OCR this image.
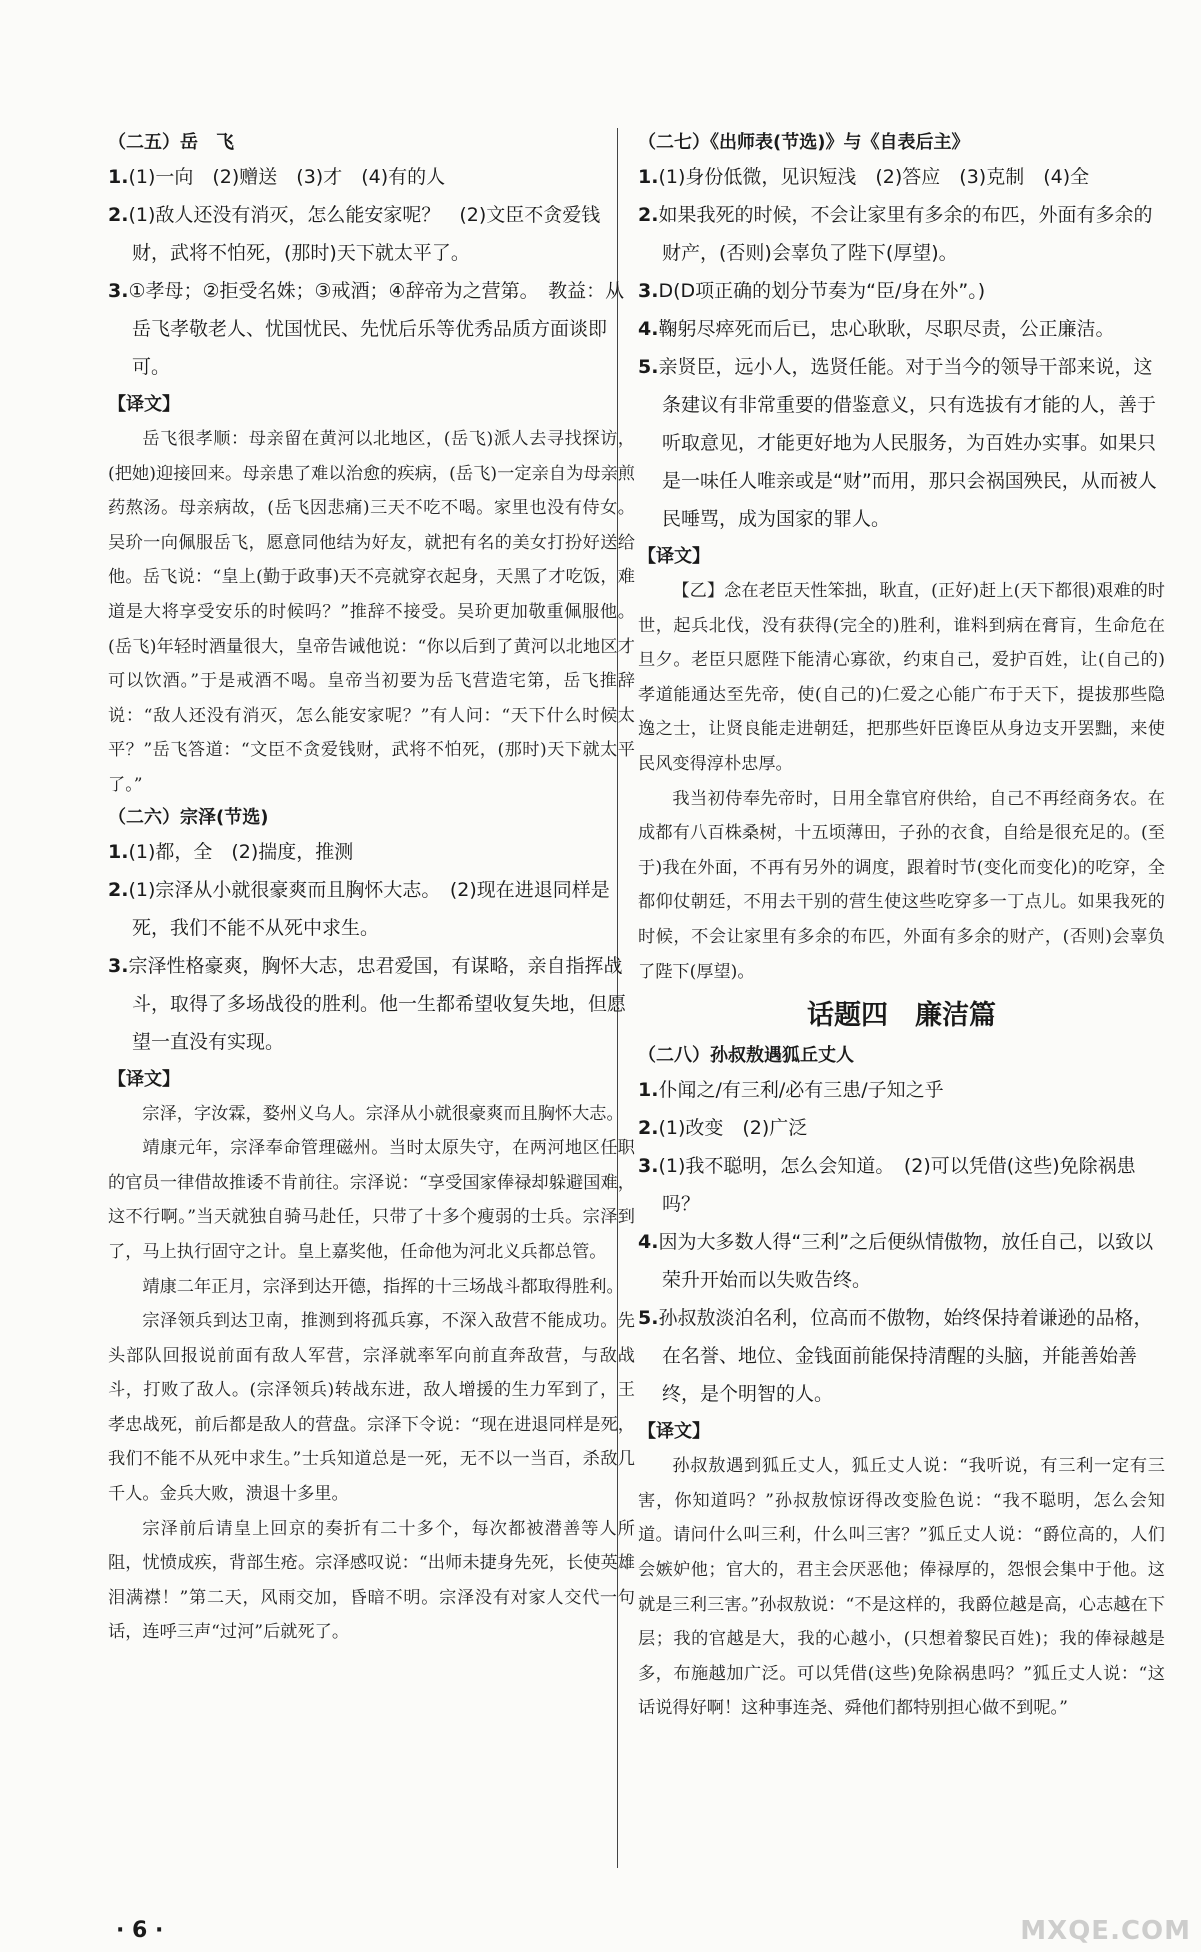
（二五）岳　飞

1.(1)一向　(2)赠送　(3)才　(4)有的人

2.(1)敌人还没有消灭，怎么能安家呢？　(2)文臣不贪爱钱财，武将不怕死，(那时)天下就太平了。

3.①孝母；②拒受名姝；③戒酒；④辞帝为之营第。　教益：从岳飞孝敬老人、忧国忧民、先忧后乐等优秀品质方面谈即可。

【译文】

岳飞很孝顺：母亲留在黄河以北地区，(岳飞)派人去寻找探访，(把她)迎接回来。母亲患了难以治愈的疾病，(岳飞)一定亲自为母亲煎药熬汤。母亲病故，(岳飞因悲痛)三天不吃不喝。家里也没有侍女。吴玠一向佩服岳飞，愿意同他结为好友，就把有名的美女打扮好送给他。岳飞说：“皇上(勤于政事)天不亮就穿衣起身，天黑了才吃饭，难道是大将享受安乐的时候吗？”推辞不接受。吴玠更加敬重佩服他。(岳飞)年轻时酒量很大，皇帝告诫他说：“你以后到了黄河以北地区才可以饮酒。”于是戒酒不喝。皇帝当初要为岳飞营造宅第，岳飞推辞说：“敌人还没有消灭，怎么能安家呢？”有人问：“天下什么时候太平？”岳飞答道：“文臣不贪爱钱财，武将不怕死，(那时)天下就太平了。”

（二六）宗泽(节选)

1.(1)都，全　(2)揣度，推测

2.(1)宗泽从小就很豪爽而且胸怀大志。　(2)现在进退同样是死，我们不能不从死中求生。

3.宗泽性格豪爽，胸怀大志，忠君爱国，有谋略，亲自指挥战斗，取得了多场战役的胜利。他一生都希望收复失地，但愿望一直没有实现。

【译文】

宗泽，字汝霖，婺州义乌人。宗泽从小就很豪爽而且胸怀大志。

靖康元年，宗泽奉命管理磁州。当时太原失守，在两河地区任职的官员一律借故推诿不肯前往。宗泽说：“享受国家俸禄却躲避国难，这不行啊。”当天就独自骑马赴任，只带了十多个瘦弱的士兵。宗泽到了，马上执行固守之计。皇上嘉奖他，任命他为河北义兵都总管。

靖康二年正月，宗泽到达开德，指挥的十三场战斗都取得胜利。

宗泽领兵到达卫南，推测到将孤兵寡，不深入敌营不能成功。先头部队回报说前面有敌人军营，宗泽就率军向前直奔敌营，与敌战斗，打败了敌人。(宗泽领兵)转战东进，敌人增援的生力军到了，王孝忠战死，前后都是敌人的营盘。宗泽下令说：“现在进退同样是死，我们不能不从死中求生。”士兵知道总是一死，无不以一当百，杀敌几千人。金兵大败，溃退十多里。

宗泽前后请皇上回京的奏折有二十多个，每次都被潜善等人所阻，忧愤成疾，背部生疮。宗泽感叹说：“出师未捷身先死，长使英雄泪满襟！”第二天，风雨交加，昏暗不明。宗泽没有对家人交代一句话，连呼三声“过河”后就死了。

（二七）《出师表(节选)》与《自表后主》

1.(1)身份低微，见识短浅　(2)答应　(3)克制　(4)全

2.如果我死的时候，不会让家里有多余的布匹，外面有多余的财产，(否则)会辜负了陛下(厚望)。

3.D(D项正确的划分节奏为“臣/身在外”。)

4.鞠躬尽瘁死而后已，忠心耿耿，尽职尽责，公正廉洁。

5.亲贤臣，远小人，选贤任能。对于当今的领导干部来说，这条建议有非常重要的借鉴意义，只有选拔有才能的人，善于听取意见，才能更好地为人民服务，为百姓办实事。如果只是一味任人唯亲或是“财”而用，那只会祸国殃民，从而被人民唾骂，成为国家的罪人。

【译文】

【乙】念在老臣天性笨拙，耿直，(正好)赶上(天下都很)艰难的时世，起兵北伐，没有获得(完全的)胜利，谁料到病在膏肓，生命危在旦夕。老臣只愿陛下能清心寡欲，约束自己，爱护百姓，让(自己的)孝道能通达至先帝，使(自己的)仁爱之心能广布于天下，提拔那些隐逸之士，让贤良能走进朝廷，把那些奸臣谗臣从身边支开罢黜，来使民风变得淳朴忠厚。

我当初侍奉先帝时，日用全靠官府供给，自己不再经商务农。在成都有八百株桑树，十五顷薄田，子孙的衣食，自给是很充足的。(至于)我在外面，不再有另外的调度，跟着时节(变化而变化)的吃穿，全都仰仗朝廷，不用去干别的营生使这些吃穿多一丁点儿。如果我死的时候，不会让家里有多余的布匹，外面有多余的财产，(否则)会辜负了陛下(厚望)。

话题四　廉洁篇

（二八）孙叔敖遇狐丘丈人

1.仆闻之/有三利/必有三患/子知之乎

2.(1)改变　(2)广泛

3.(1)我不聪明，怎么会知道。　(2)可以凭借(这些)免除祸患吗？

4.因为大多数人得“三利”之后便纵情傲物，放任自己，以致以荣升开始而以失败告终。

5.孙叔敖淡泊名利，位高而不傲物，始终保持着谦逊的品格，在名誉、地位、金钱面前能保持清醒的头脑，并能善始善终，是个明智的人。

【译文】

孙叔敖遇到狐丘丈人，狐丘丈人说：“我听说，有三利一定有三害，你知道吗？”孙叔敖惊讶得改变脸色说：“我不聪明，怎么会知道。请问什么叫三利，什么叫三害？”狐丘丈人说：“爵位高的，人们会嫉妒他；官大的，君主会厌恶他；俸禄厚的，怨恨会集中于他。这就是三利三害。”孙叔敖说：“不是这样的，我爵位越是高，心志越在下层；我的官越是大，我的心越小，(只想着黎民百姓)；我的俸禄越是多，布施越加广泛。可以凭借(这些)免除祸患吗？”狐丘丈人说：“这话说得好啊！这种事连尧、舜他们都特别担心做不到呢。”

· 6 ·	MXQE.COM
